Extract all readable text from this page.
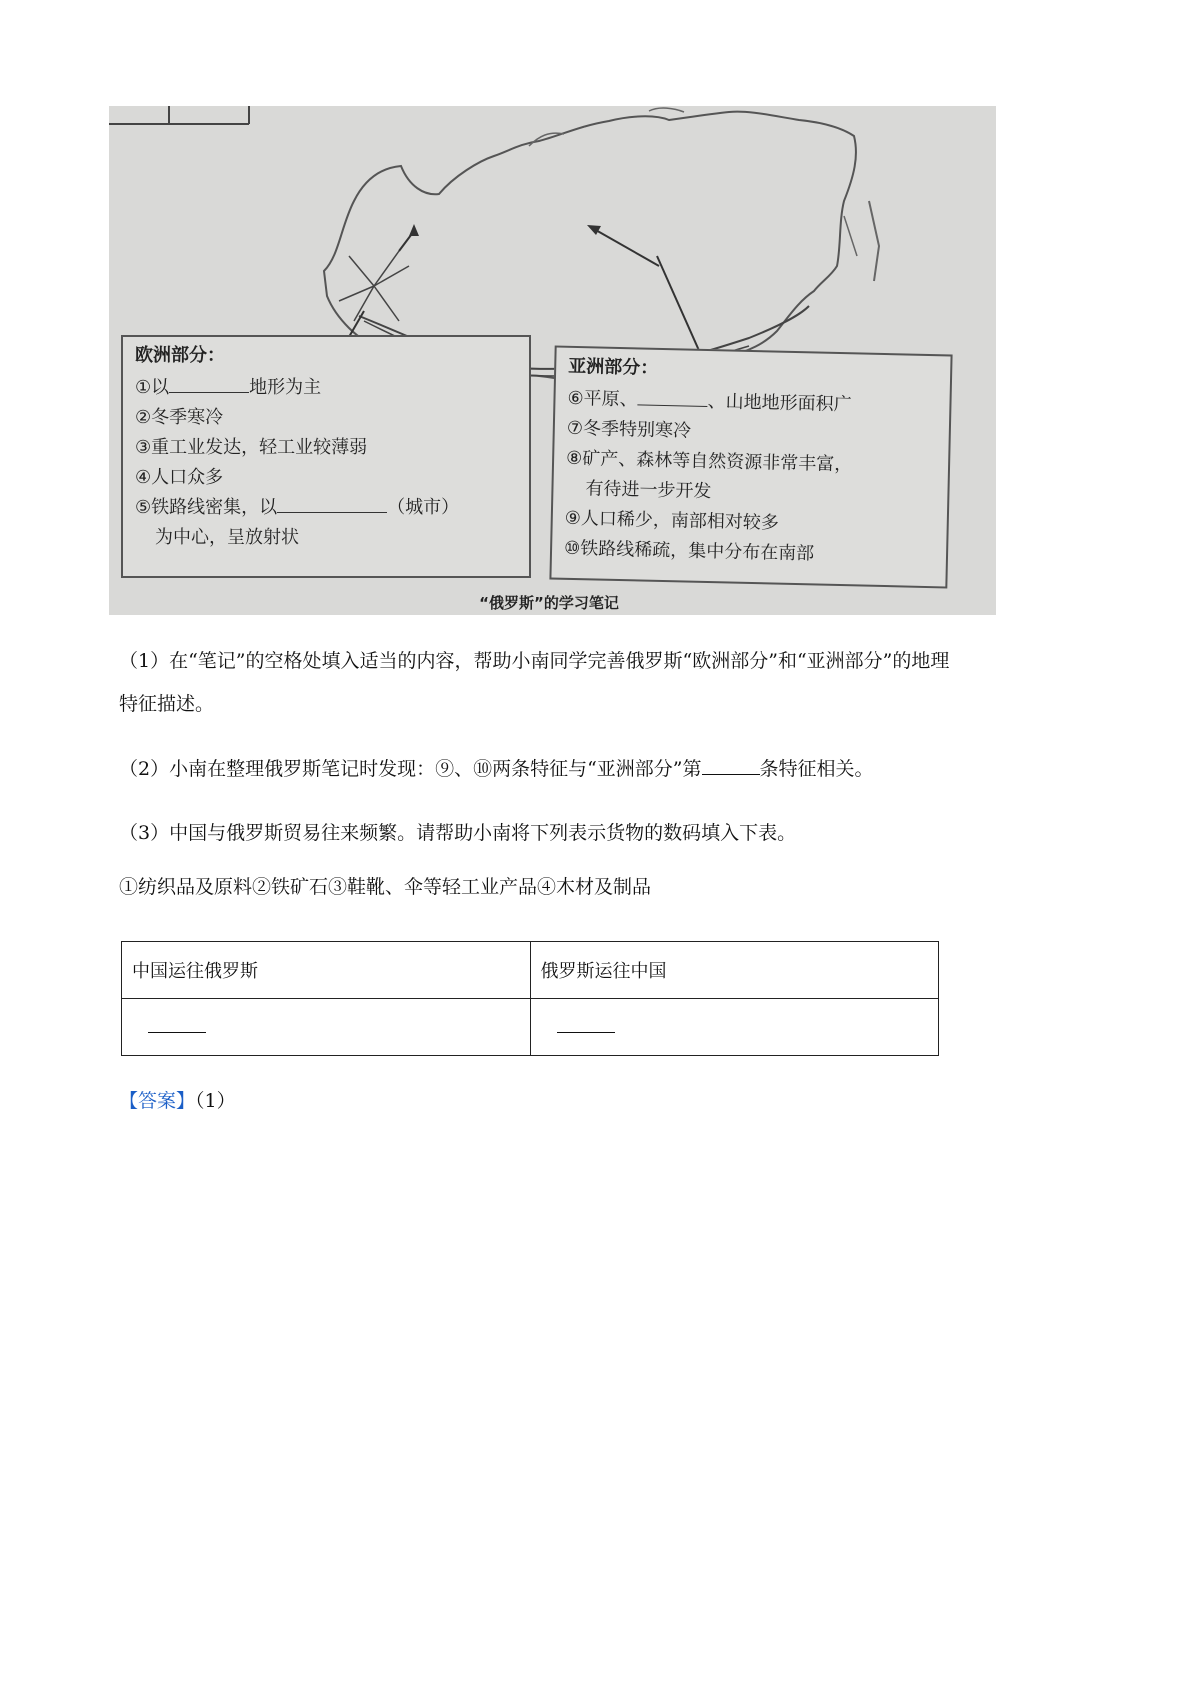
欧洲部分：
①以	地形为主
②冬季寒冷
③重工业发达，轻工业较薄弱
④人口众多
⑤铁路线密集，以	（城市）
为中心，呈放射状
亚洲部分：
⑥平原、	、山地地形面积广
⑦冬季特别寒冷
⑧矿产、森林等自然资源非常丰富，
有待进一步开发
⑨人口稀少，南部相对较多
⑩铁路线稀疏，集中分布在南部
“俄罗斯”的学习笔记
（1）在“笔记”的空格处填入适当的内容，帮助小南同学完善俄罗斯“欧洲部分”和“亚洲部分”的地理
特征描述。
（2）小南在整理俄罗斯笔记时发现：⑨、⑩两条特征与“亚洲部分”第	条特征相关。
（3）中国与俄罗斯贸易往来频繁。请帮助小南将下列表示货物的数码填入下表。
①纺织品及原料②铁矿石③鞋靴、伞等轻工业产品④木材及制品
中国运往俄罗斯	俄罗斯运往中国

【答案】（1）
